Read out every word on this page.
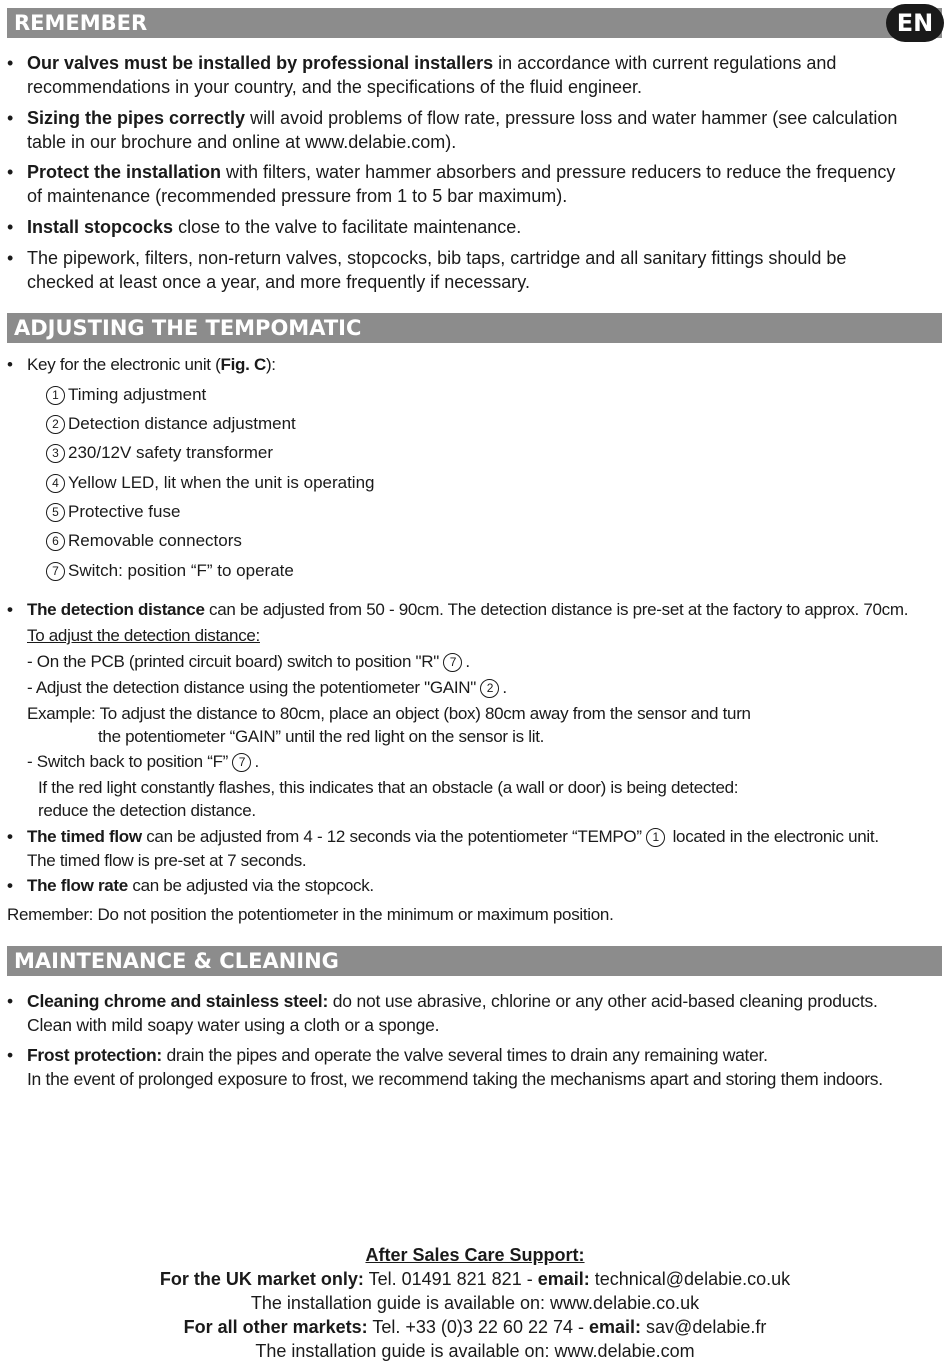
REMEMBER	EN
• Our valves must be installed by professional installers in accordance with current regulations and
recommendations in your country, and the specifications of the fluid engineer.
• Sizing the pipes correctly will avoid problems of flow rate, pressure loss and water hammer (see calculation
table in our brochure and online at www.delabie.com).
• Protect the installation with filters, water hammer absorbers and pressure reducers to reduce the frequency
of maintenance (recommended pressure from 1 to 5 bar maximum).
• Install stopcocks close to the valve to facilitate maintenance.
• The pipework, filters, non-return valves, stopcocks, bib taps, cartridge and all sanitary fittings should be
checked at least once a year, and more frequently if necessary.
ADJUSTING THE TEMPOMATIC
• Key for the electronic unit (Fig. C):
1 Timing adjustment
2 Detection distance adjustment
3 230/12V safety transformer
4 Yellow LED, lit when the unit is operating
5 Protective fuse
6 Removable connectors
7 Switch: position “F” to operate
• The detection distance can be adjusted from 50 - 90cm. The detection distance is pre-set at the factory to approx. 70cm.
To adjust the detection distance:
- On the PCB (printed circuit board) switch to position "R" 7 .
- Adjust the detection distance using the potentiometer "GAIN" 2 .
Example: To adjust the distance to 80cm, place an object (box) 80cm away from the sensor and turn
the potentiometer “GAIN” until the red light on the sensor is lit.
- Switch back to position “F” 7 .
If the red light constantly flashes, this indicates that an obstacle (a wall or door) is being detected:
reduce the detection distance.
• The timed flow can be adjusted from 4 - 12 seconds via the potentiometer “TEMPO” 1 located in the electronic unit.
The timed flow is pre-set at 7 seconds.
• The flow rate can be adjusted via the stopcock.
Remember: Do not position the potentiometer in the minimum or maximum position.
MAINTENANCE & CLEANING
• Cleaning chrome and stainless steel: do not use abrasive, chlorine or any other acid-based cleaning products.
Clean with mild soapy water using a cloth or a sponge.
• Frost protection: drain the pipes and operate the valve several times to drain any remaining water.
In the event of prolonged exposure to frost, we recommend taking the mechanisms apart and storing them indoors.
After Sales Care Support:
For the UK market only: Tel. 01491 821 821 - email: technical@delabie.co.uk
The installation guide is available on: www.delabie.co.uk
For all other markets: Tel. +33 (0)3 22 60 22 74 - email: sav@delabie.fr
The installation guide is available on: www.delabie.com
